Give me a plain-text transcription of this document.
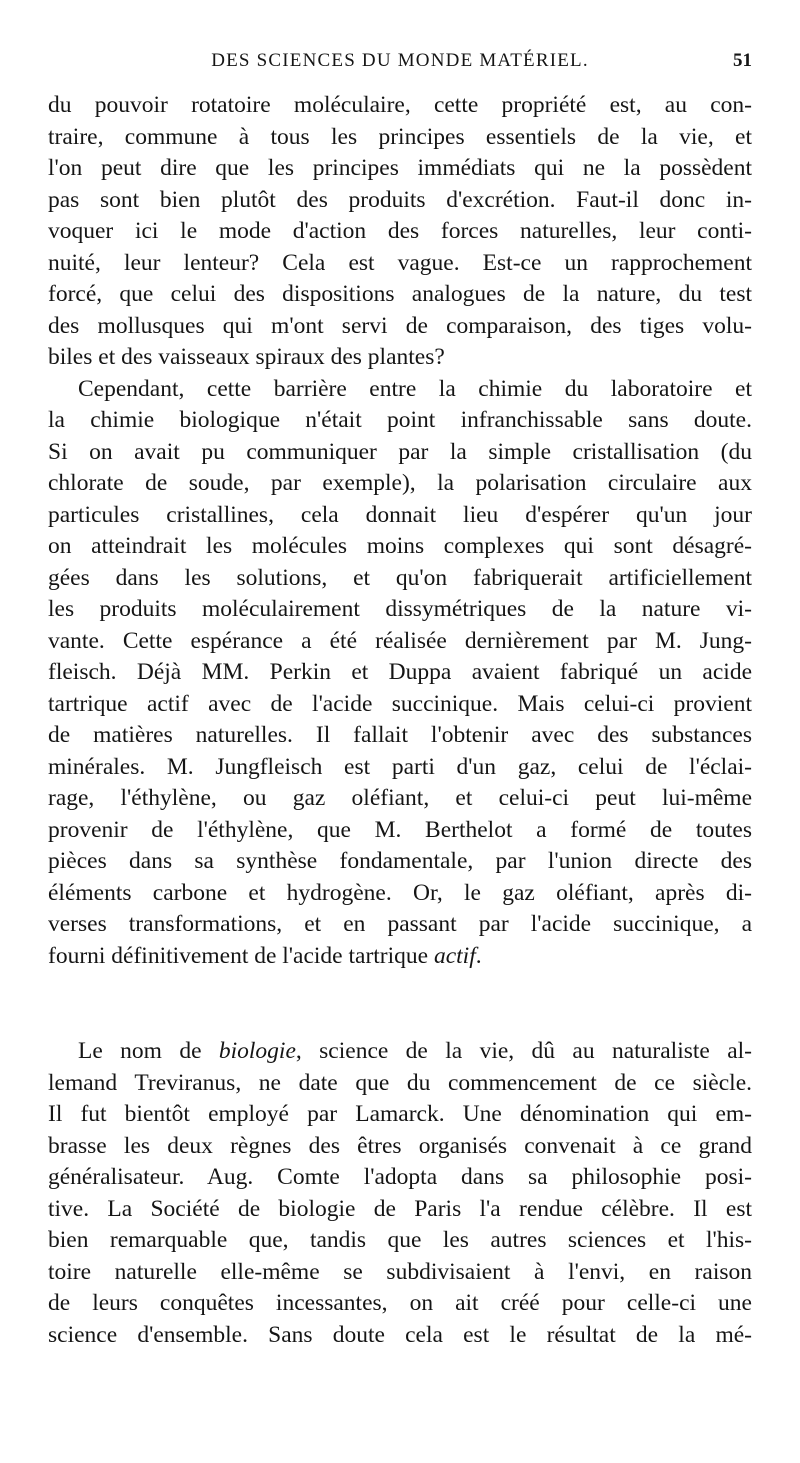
DES SCIENCES DU MONDE MATÉRIEL.	51
du pouvoir rotatoire moléculaire, cette propriété est, au con-
traire, commune à tous les principes essentiels de la vie, et
l'on peut dire que les principes immédiats qui ne la possèdent
pas sont bien plutôt des produits d'excrétion. Faut-il donc in-
voquer ici le mode d'action des forces naturelles, leur conti-
nuité, leur lenteur? Cela est vague. Est-ce un rapprochement
forcé, que celui des dispositions analogues de la nature, du test
des mollusques qui m'ont servi de comparaison, des tiges volu-
biles et des vaisseaux spiraux des plantes?
Cependant, cette barrière entre la chimie du laboratoire et
la chimie biologique n'était point infranchissable sans doute.
Si on avait pu communiquer par la simple cristallisation (du
chlorate de soude, par exemple), la polarisation circulaire aux
particules cristallines, cela donnait lieu d'espérer qu'un jour
on atteindrait les molécules moins complexes qui sont désagré-
gées dans les solutions, et qu'on fabriquerait artificiellement
les produits moléculairement dissymétriques de la nature vi-
vante. Cette espérance a été réalisée dernièrement par M. Jung-
fleisch. Déjà MM. Perkin et Duppa avaient fabriqué un acide
tartrique actif avec de l'acide succinique. Mais celui-ci provient
de matières naturelles. Il fallait l'obtenir avec des substances
minérales. M. Jungfleisch est parti d'un gaz, celui de l'éclai-
rage, l'éthylène, ou gaz oléfiant, et celui-ci peut lui-même
provenir de l'éthylène, que M. Berthelot a formé de toutes
pièces dans sa synthèse fondamentale, par l'union directe des
éléments carbone et hydrogène. Or, le gaz oléfiant, après di-
verses transformations, et en passant par l'acide succinique, a
fourni définitivement de l'acide tartrique actif.
Le nom de biologie, science de la vie, dû au naturaliste al-
lemand Treviranus, ne date que du commencement de ce siècle.
Il fut bientôt employé par Lamarck. Une dénomination qui em-
brasse les deux règnes des êtres organisés convenait à ce grand
généralisateur. Aug. Comte l'adopta dans sa philosophie posi-
tive. La Société de biologie de Paris l'a rendue célèbre. Il est
bien remarquable que, tandis que les autres sciences et l'his-
toire naturelle elle-même se subdivisaient à l'envi, en raison
de leurs conquêtes incessantes, on ait créé pour celle-ci une
science d'ensemble. Sans doute cela est le résultat de la mé-
